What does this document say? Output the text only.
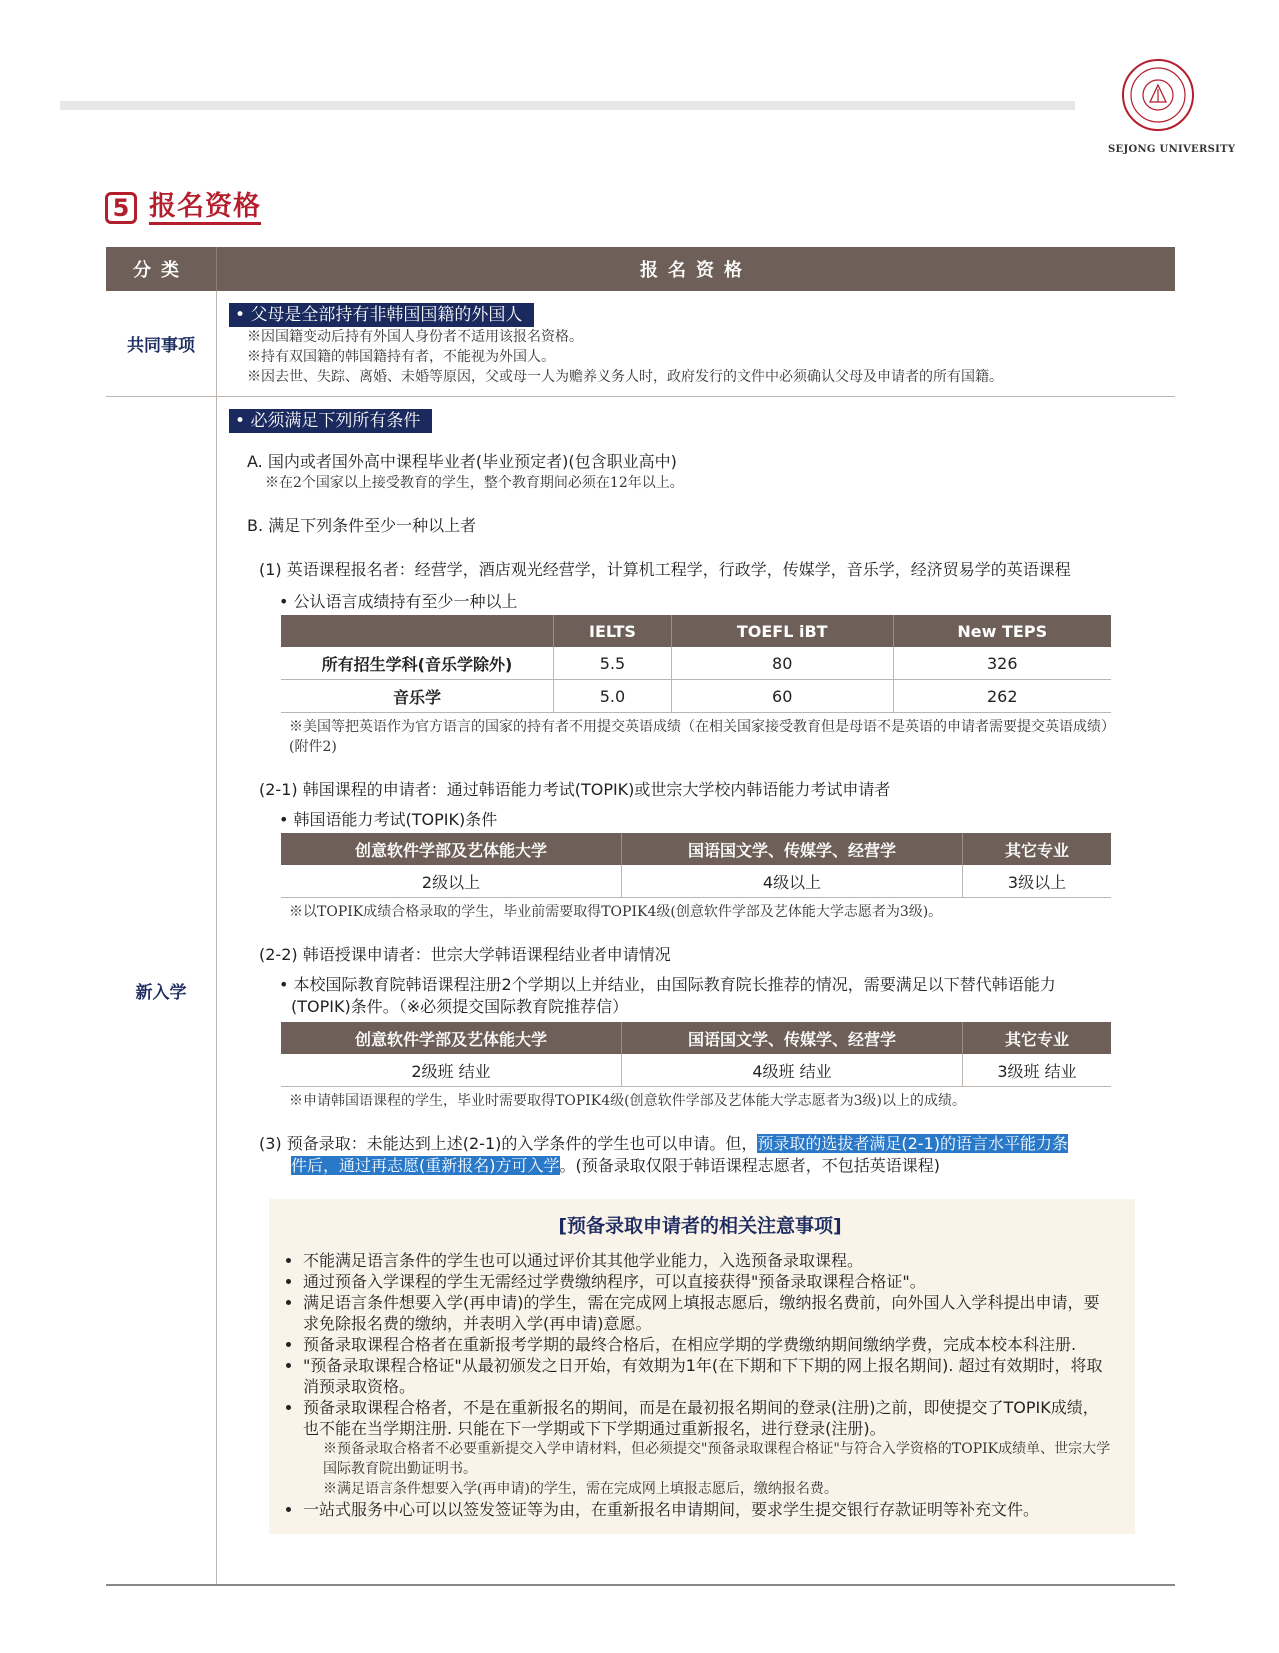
SEJONG UNIVERSITY
5 报名资格
分类	报名资格
共同事项
• 父母是全部持有非韩国国籍的外国人
※因国籍变动后持有外国人身份者不适用该报名资格。
※持有双国籍的韩国籍持有者，不能视为外国人。
※因去世、失踪、离婚、未婚等原因，父或母一人为赡养义务人时，政府发行的文件中必须确认父母及申请者的所有国籍。
新入学
• 必须满足下列所有条件
A. 国内或者国外高中课程毕业者(毕业预定者)(包含职业高中)
※在2个国家以上接受教育的学生，整个教育期间必须在12年以上。
B. 满足下列条件至少一种以上者
(1) 英语课程报名者：经营学，酒店观光经营学，计算机工程学，行政学，传媒学，音乐学，经济贸易学的英语课程
• 公认语言成绩持有至少一种以上
	IELTS	TOEFL iBT	New TEPS
所有招生学科(音乐学除外)	5.5	80	326
音乐学	5.0	60	262
※美国等把英语作为官方语言的国家的持有者不用提交英语成绩（在相关国家接受教育但是母语不是英语的申请者需要提交英语成绩）(附件2)
(2-1) 韩国课程的申请者：通过韩语能力考试(TOPIK)或世宗大学校内韩语能力考试申请者
• 韩国语能力考试(TOPIK)条件
创意软件学部及艺体能大学	国语国文学、传媒学、经营学	其它专业
2级以上	4级以上	3级以上
※以TOPIK成绩合格录取的学生，毕业前需要取得TOPIK4级(创意软件学部及艺体能大学志愿者为3级)。
(2-2) 韩语授课申请者：世宗大学韩语课程结业者申请情况
• 本校国际教育院韩语课程注册2个学期以上并结业，由国际教育院长推荐的情况，需要满足以下替代韩语能力
(TOPIK)条件。（※必须提交国际教育院推荐信）
创意软件学部及艺体能大学	国语国文学、传媒学、经营学	其它专业
2级班 结业	4级班 结业	3级班 结业
※申请韩国语课程的学生，毕业时需要取得TOPIK4级(创意软件学部及艺体能大学志愿者为3级)以上的成绩。
(3) 预备录取：未能达到上述(2-1)的入学条件的学生也可以申请。但，预录取的选拔者满足(2-1)的语言水平能力条
件后，通过再志愿(重新报名)方可入学。(预备录取仅限于韩语课程志愿者，不包括英语课程)
[预备录取申请者的相关注意事项]
• 不能满足语言条件的学生也可以通过评价其其他学业能力，入选预备录取课程。
• 通过预备入学课程的学生无需经过学费缴纳程序，可以直接获得"预备录取课程合格证"。
• 满足语言条件想要入学(再申请)的学生，需在完成网上填报志愿后，缴纳报名费前，向外国人入学科提出申请，要求免除报名费的缴纳，并表明入学(再申请)意愿。
• 预备录取课程合格者在重新报考学期的最终合格后，在相应学期的学费缴纳期间缴纳学费，完成本校本科注册.
• "预备录取课程合格证"从最初颁发之日开始，有效期为1年(在下期和下下期的网上报名期间). 超过有效期时，将取消预录取资格。
• 预备录取课程合格者，不是在重新报名的期间，而是在最初报名期间的登录(注册)之前，即使提交了TOPIK成绩，也不能在当学期注册. 只能在下一学期或下下学期通过重新报名，进行登录(注册)。
※预备录取合格者不必要重新提交入学申请材料，但必须提交"预备录取课程合格证"与符合入学资格的TOPIK成绩单、世宗大学国际教育院出勤证明书。
※满足语言条件想要入学(再申请)的学生，需在完成网上填报志愿后，缴纳报名费。
• 一站式服务中心可以以签发签证等为由，在重新报名申请期间，要求学生提交银行存款证明等补充文件。
